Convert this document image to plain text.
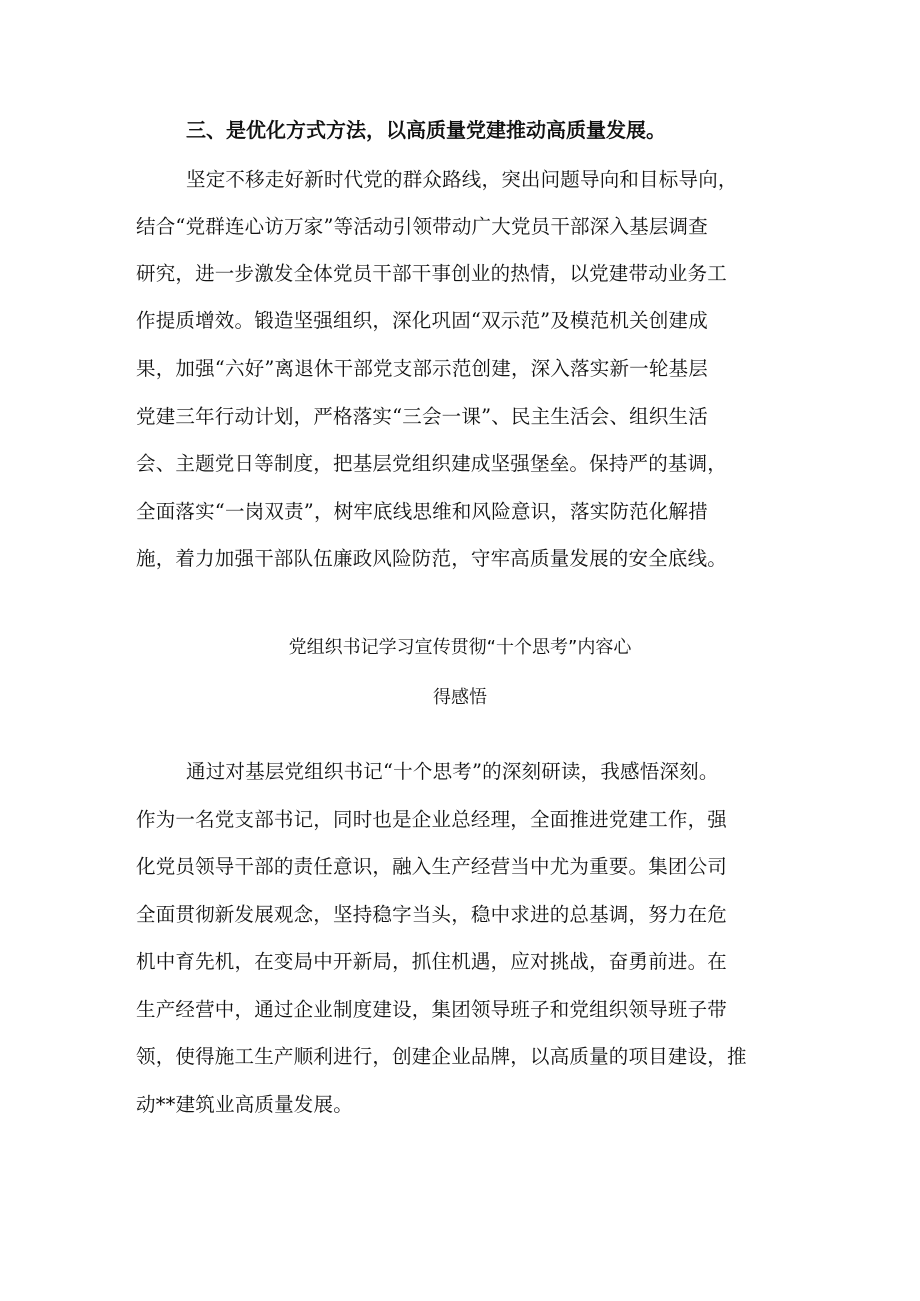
三、是优化方式方法，以高质量党建推动高质量发展。
坚定不移走好新时代党的群众路线，突出问题导向和目标导向，
结合“党群连心访万家”等活动引领带动广大党员干部深入基层调查
研究，进一步激发全体党员干部干事创业的热情，以党建带动业务工
作提质增效。锻造坚强组织，深化巩固“双示范”及模范机关创建成
果，加强“六好”离退休干部党支部示范创建，深入落实新一轮基层
党建三年行动计划，严格落实“三会一课”、民主生活会、组织生活
会、主题党日等制度，把基层党组织建成坚强堡垒。保持严的基调，
全面落实“一岗双责”，树牢底线思维和风险意识，落实防范化解措
施，着力加强干部队伍廉政风险防范，守牢高质量发展的安全底线。
党组织书记学习宣传贯彻“十个思考”内容心
得感悟
通过对基层党组织书记“十个思考”的深刻研读，我感悟深刻。
作为一名党支部书记，同时也是企业总经理，全面推进党建工作，强
化党员领导干部的责任意识，融入生产经营当中尤为重要。集团公司
全面贯彻新发展观念，坚持稳字当头，稳中求进的总基调，努力在危
机中育先机，在变局中开新局，抓住机遇，应对挑战，奋勇前进。在
生产经营中，通过企业制度建设，集团领导班子和党组织领导班子带
领，使得施工生产顺利进行，创建企业品牌，以高质量的项目建设，推
动**建筑业高质量发展。
